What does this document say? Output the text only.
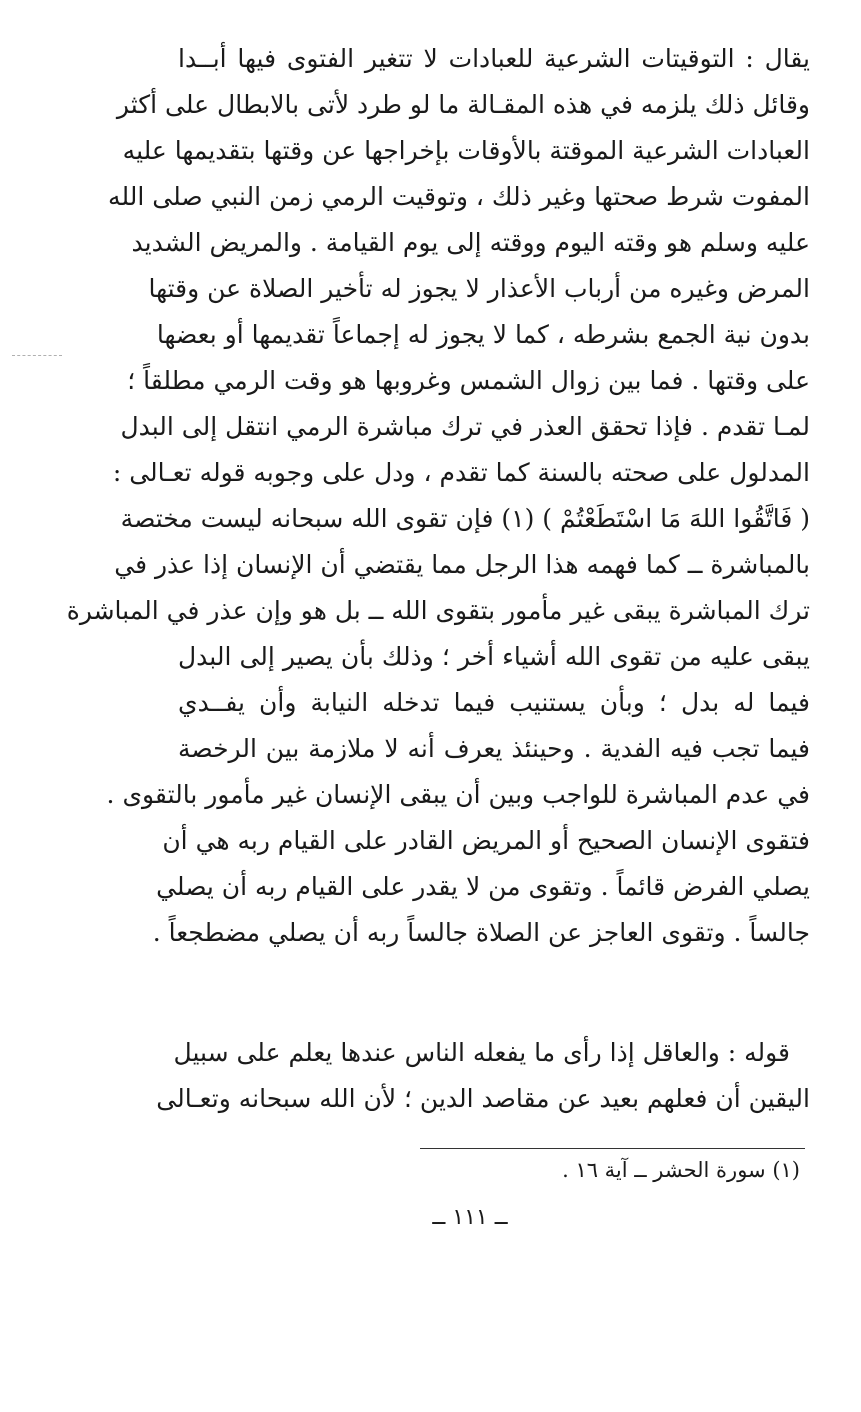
يقال : التوقيتات الشرعية للعبادات لا تتغير الفتوى فيها أبــدا
وقائل ذلك يلزمه في هذه المقـالة ما لو طرد لأتى بالابطال على أكثر
العبادات الشرعية الموقتة بالأوقات بإخراجها عن وقتها بتقديمها عليه
المفوت شرط صحتها وغير ذلك ، وتوقيت الرمي زمن النبي صلى الله
عليه وسلم هو وقته اليوم ووقته إلى يوم القيامة . والمريض الشديد
المرض وغيره من أرباب الأعذار لا يجوز له تأخير الصلاة عن وقتها
بدون نية الجمع بشرطه ، كما لا يجوز له إجماعاً تقديمها أو بعضها
على وقتها . فما بين زوال الشمس وغروبها هو وقت الرمي مطلقاً ؛
لمـا تقدم . فإذا تحقق العذر في ترك مباشرة الرمي انتقل إلى البدل
المدلول على صحته بالسنة كما تقدم ، ودل على وجوبه قوله تعـالى :
( فَاتَّقُوا اللهَ مَا اسْتَطَعْتُمْ ) (١) فإن تقوى الله سبحانه ليست مختصة
بالمباشرة ــ كما فهمه هذا الرجل مما يقتضي أن الإنسان إذا عذر في
ترك المباشرة يبقى غير مأمور بتقوى الله ــ بل هو وإن عذر في المباشرة
يبقى عليه من تقوى الله أشياء أخر ؛ وذلك بأن يصير إلى البدل
فيما له بدل ؛ وبأن يستنيب فيما تدخله النيابة وأن يفــدي
فيما تجب فيه الفدية . وحينئذ يعرف أنه لا ملازمة بين الرخصة
في عدم المباشرة للواجب وبين أن يبقى الإنسان غير مأمور بالتقوى .
فتقوى الإنسان الصحيح أو المريض القادر على القيام ربه هي أن
يصلي الفرض قائماً . وتقوى من لا يقدر على القيام ربه أن يصلي
جالساً . وتقوى العاجز عن الصلاة جالساً ربه أن يصلي مضطجعاً .
قوله : والعاقل إذا رأى ما يفعله الناس عندها يعلم على سبيل
اليقين أن فعلهم بعيد عن مقاصد الدين ؛ لأن الله سبحانه وتعـالى
(١) سورة الحشر ــ آية ١٦ .
ــ ١١١ ــ
